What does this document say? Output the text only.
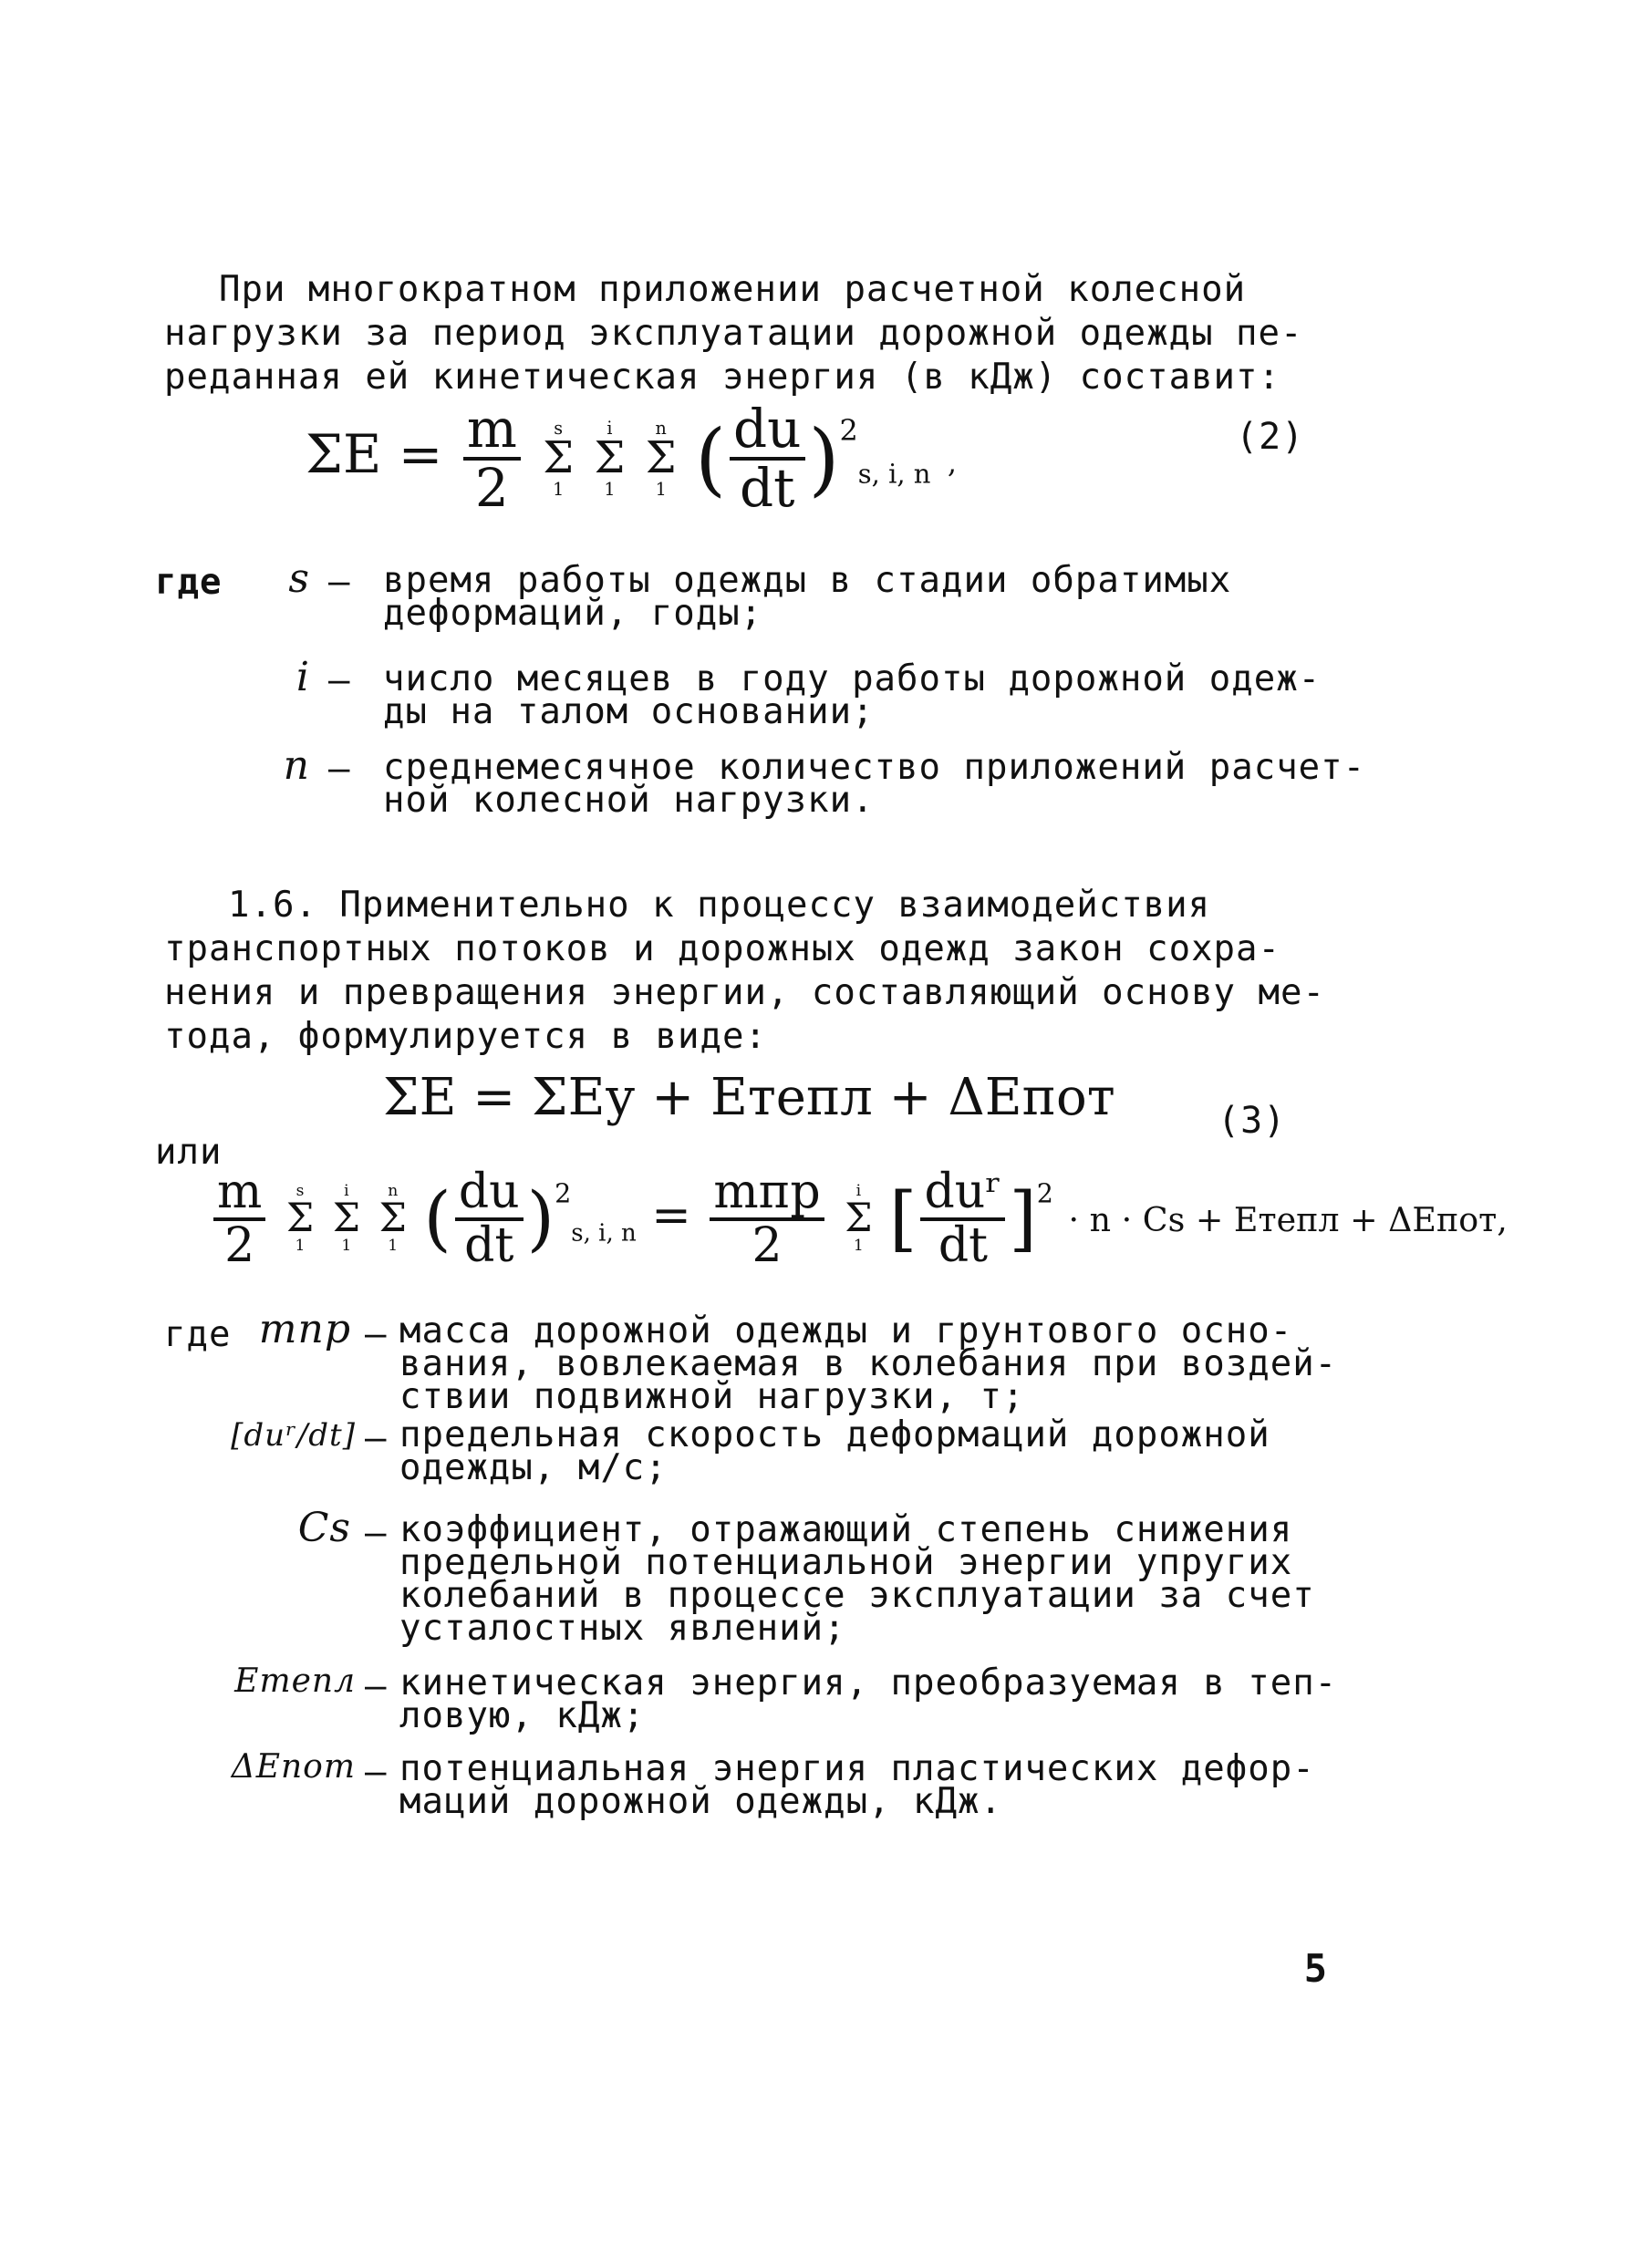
При многократном приложении расчетной колесной
нагрузки за период эксплуатации дорожной одежды пе-
реданная ей кинетическая энергия (в кДж) составит:

$\Sigma E = \frac{m}{2}$
	s
Σ
1

i
Σ
1

n
Σ
1 ( $\frac{du}{dt} )^2s$, i, n ,
(2)
где	s – время работы одежды в стадии обратимых
деформаций, годы;
i – число месяцев в году работы дорожной одеж-
ды на талом основании;
n – среднемесячное количество приложений расчет-
ной колесной нагрузки.

1.6. Применительно к процессу взаимодействия
транспортных потоков и дорожных одежд закон сохра-
нения и превращения энергии, составляющий основу ме-
тода, формулируется в виде:

ΣE = ΣEу + Eтепл + ΔEпот
или
(3)
$\frac{m}{2}$
	s
Σ
1

i
Σ
1

n
Σ
1 ( $\frac{du}{dt} )^2_{s, i, n} = \frac{\text{mпр}}{2}$
	i
Σ
1 [ $\frac{\text{duʳ}}{dt} ]^2 \cdot n \cdot Cs$ + Eтепл + ΔEпот,
где mпр – масса дорожной одежды и грунтового осно-
вания, вовлекаемая в колебания при воздей-
ствии подвижной нагрузки, т;
[duʳ/dt] – предельная скорость деформаций дорожной
одежды, м/с;
Cs – коэффициент, отражающий степень снижения
предельной потенциальной энергии упругих
колебаний в процессе эксплуатации за счет
усталостных явлений;
Eтепл – кинетическая энергия, преобразуемая в теп-
ловую, кДж;
ΔEпот – потенциальная энергия пластических дефор-
маций дорожной одежды, кДж.
5
